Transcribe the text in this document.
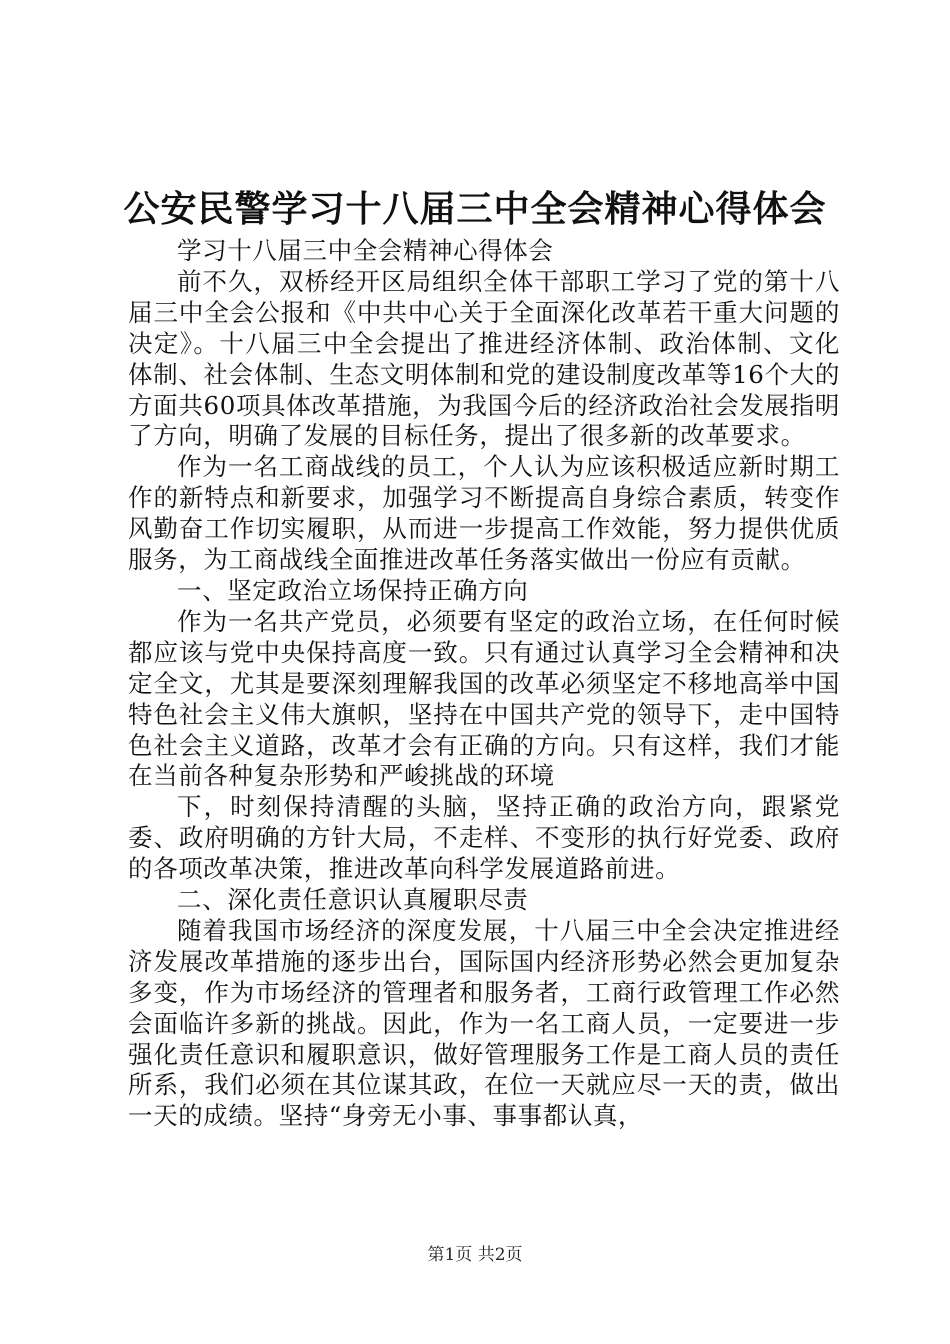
公安民警学习十八届三中全会精神心得体会

学习十八届三中全会精神心得体会

前不久，双桥经开区局组织全体干部职工学习了党的第十八届三中全会公报和《中共中心关于全面深化改革若干重大问题的决定》。十八届三中全会提出了推进经济体制、政治体制、文化体制、社会体制、生态文明体制和党的建设制度改革等16个大的方面共60项具体改革措施，为我国今后的经济政治社会发展指明了方向，明确了发展的目标任务，提出了很多新的改革要求。

作为一名工商战线的员工，个人认为应该积极适应新时期工作的新特点和新要求，加强学习不断提高自身综合素质，转变作风勤奋工作切实履职，从而进一步提高工作效能，努力提供优质服务，为工商战线全面推进改革任务落实做出一份应有贡献。

一、坚定政治立场保持正确方向

作为一名共产党员，必须要有坚定的政治立场，在任何时候都应该与党中央保持高度一致。只有通过认真学习全会精神和决定全文，尤其是要深刻理解我国的改革必须坚定不移地高举中国特色社会主义伟大旗帜，坚持在中国共产党的领导下，走中国特色社会主义道路，改革才会有正确的方向。只有这样，我们才能在当前各种复杂形势和严峻挑战的环境

下，时刻保持清醒的头脑，坚持正确的政治方向，跟紧党委、政府明确的方针大局，不走样、不变形的执行好党委、政府的各项改革决策，推进改革向科学发展道路前进。

二、深化责任意识认真履职尽责

随着我国市场经济的深度发展，十八届三中全会决定推进经济发展改革措施的逐步出台，国际国内经济形势必然会更加复杂多变，作为市场经济的管理者和服务者，工商行政管理工作必然会面临许多新的挑战。因此，作为一名工商人员，一定要进一步强化责任意识和履职意识，做好管理服务工作是工商人员的责任所系，我们必须在其位谋其政，在位一天就应尽一天的责，做出一天的成绩。坚持“身旁无小事、事事都认真，

第1页 共2页
